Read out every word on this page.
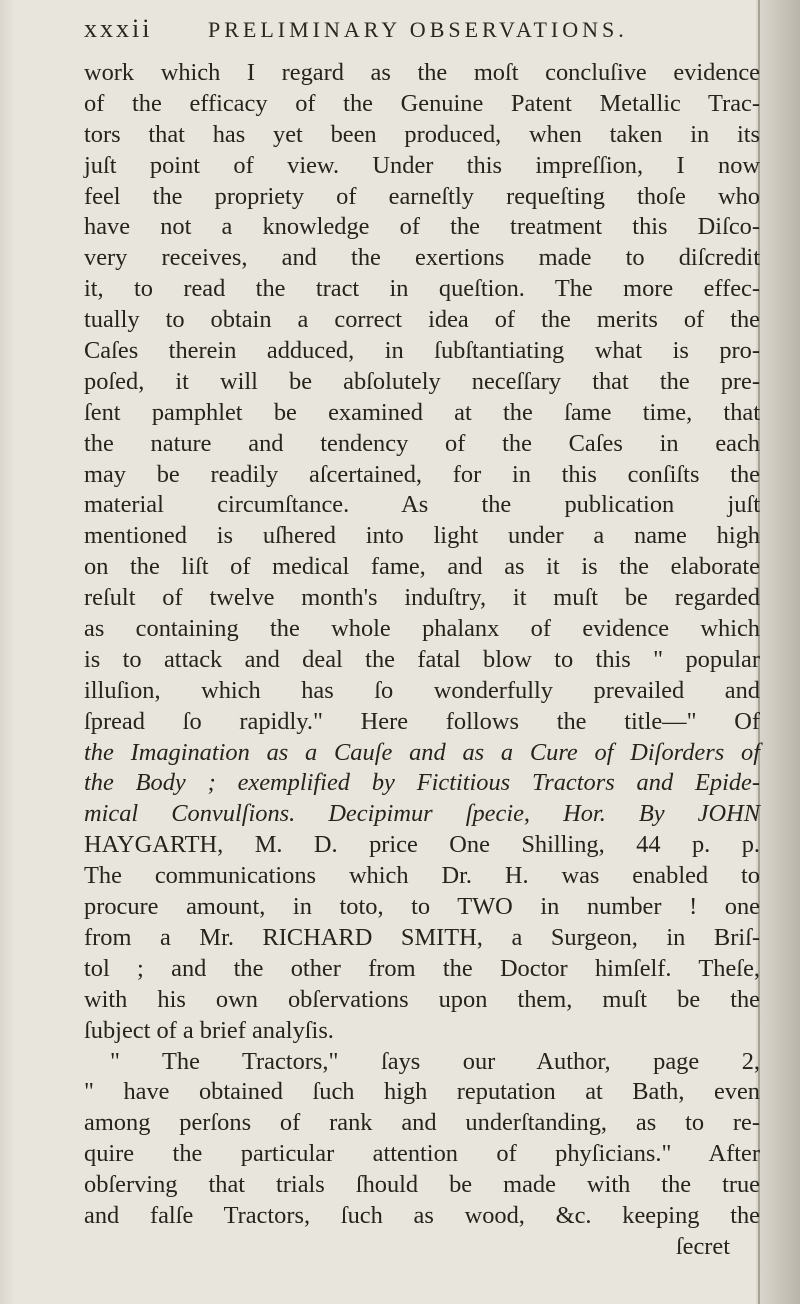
xxxii	PRELIMINARY OBSERVATIONS.
work which I regard as the moſt concluſive evidence
of the efficacy of the Genuine Patent Metallic Trac-
tors that has yet been produced, when taken in its
juſt point of view. Under this impreſſion, I now
feel the propriety of earneſtly requeſting thoſe who
have not a knowledge of the treatment this Diſco-
very receives, and the exertions made to diſcredit
it, to read the tract in queſtion. The more effec-
tually to obtain a correct idea of the merits of the
Caſes therein adduced, in ſubſtantiating what is pro-
poſed, it will be abſolutely neceſſary that the pre-
ſent pamphlet be examined at the ſame time, that
the nature and tendency of the Caſes in each
may be readily aſcertained, for in this conſiſts the
material circumſtance. As the publication juſt
mentioned is uſhered into light under a name high
on the liſt of medical fame, and as it is the elaborate
reſult of twelve month's induſtry, it muſt be regarded
as containing the whole phalanx of evidence which
is to attack and deal the fatal blow to this " popular
illuſion, which has ſo wonderfully prevailed and
ſpread ſo rapidly." Here follows the title—" Of
the Imagination as a Cauſe and as a Cure of Diſorders of
the Body ; exemplified by Fictitious Tractors and Epide-
mical Convulſions. Decipimur ſpecie, Hor. By JOHN
HAYGARTH, M. D. price One Shilling, 44 p. p.
The communications which Dr. H. was enabled to
procure amount, in toto, to TWO in number ! one
from a Mr. RICHARD SMITH, a Surgeon, in Briſ-
tol ; and the other from the Doctor himſelf. Theſe,
with his own obſervations upon them, muſt be the
ſubject of a brief analyſis.
" The Tractors," ſays our Author, page 2,
" have obtained ſuch high reputation at Bath, even
among perſons of rank and underſtanding, as to re-
quire the particular attention of phyſicians." After
obſerving that trials ſhould be made with the true
and falſe Tractors, ſuch as wood, &c. keeping the
ſecret
